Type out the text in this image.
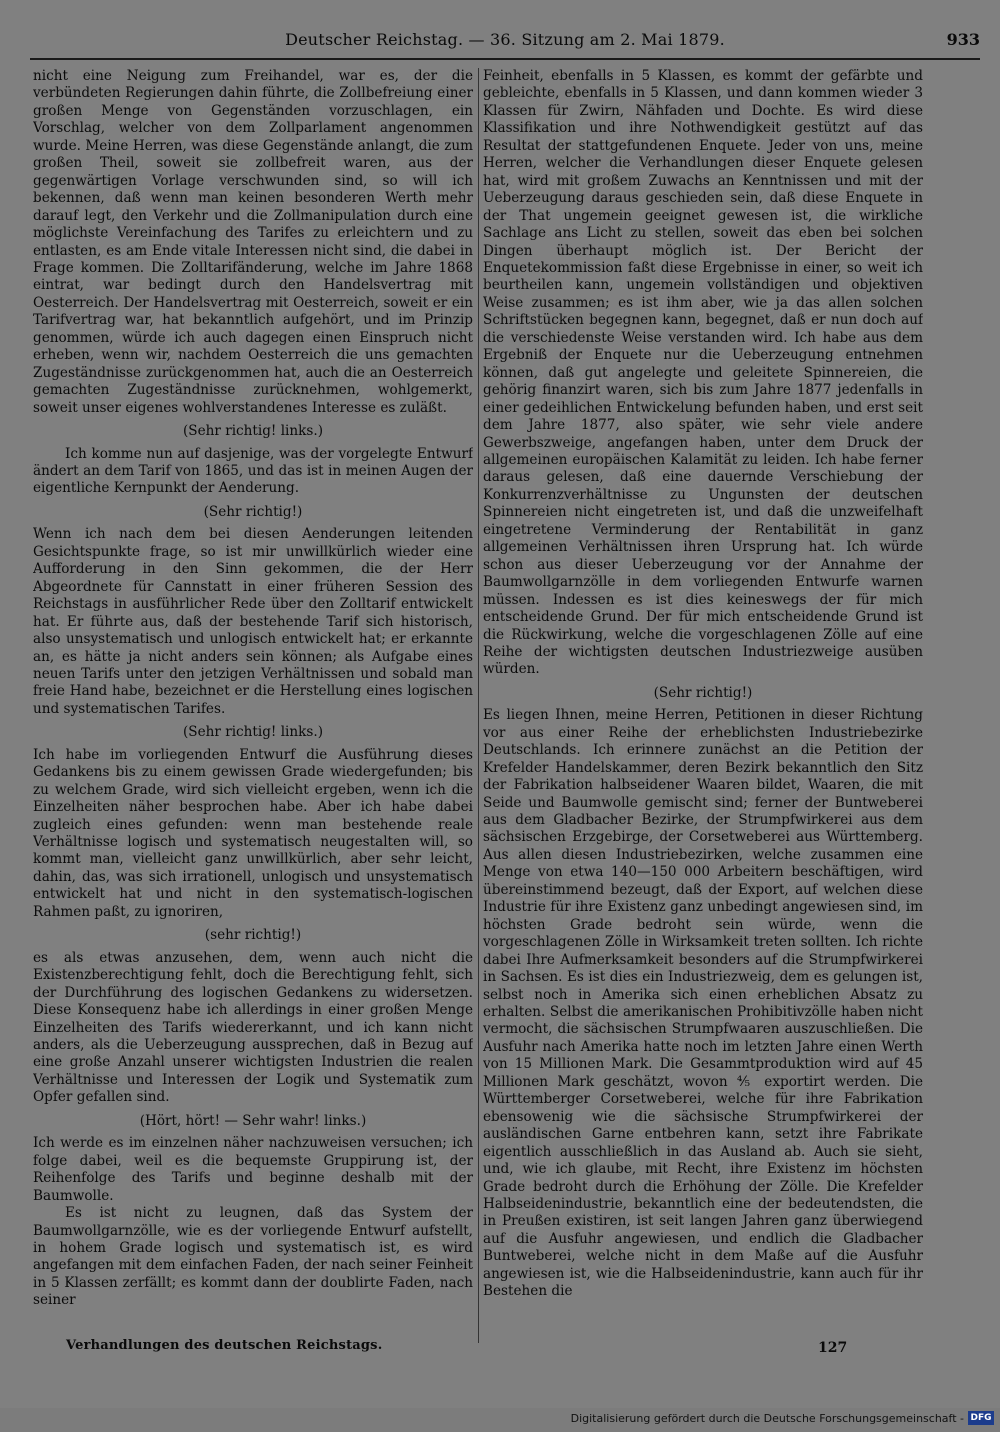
Deutscher Reichstag. — 36. Sitzung am 2. Mai 1879.	933

nicht eine Neigung zum Freihandel, war es, der die verbündeten Regierungen dahin führte, die Zollbefreiung einer großen Menge von Gegenständen vorzuschlagen, ein Vorschlag, welcher von dem Zollparlament angenommen wurde. Meine Herren, was diese Gegenstände anlangt, die zum großen Theil, soweit sie zollbefreit waren, aus der gegenwärtigen Vorlage verschwunden sind, so will ich bekennen, daß wenn man keinen besonderen Werth mehr darauf legt, den Verkehr und die Zollmanipulation durch eine möglichste Vereinfachung des Tarifes zu erleichtern und zu entlasten, es am Ende vitale Interessen nicht sind, die dabei in Frage kommen. Die Zolltarifänderung, welche im Jahre 1868 eintrat, war bedingt durch den Handelsvertrag mit Oesterreich. Der Handelsvertrag mit Oesterreich, soweit er ein Tarifvertrag war, hat bekanntlich aufgehört, und im Prinzip genommen, würde ich auch dagegen einen Einspruch nicht erheben, wenn wir, nachdem Oesterreich die uns gemachten Zugeständnisse zurückgenommen hat, auch die an Oesterreich gemachten Zugeständnisse zurücknehmen, wohlgemerkt, soweit unser eigenes wohlverstandenes Interesse es zuläßt.

(Sehr richtig! links.)

Ich komme nun auf dasjenige, was der vorgelegte Entwurf ändert an dem Tarif von 1865, und das ist in meinen Augen der eigentliche Kernpunkt der Aenderung.

(Sehr richtig!)

Wenn ich nach dem bei diesen Aenderungen leitenden Gesichtspunkte frage, so ist mir unwillkürlich wieder eine Aufforderung in den Sinn gekommen, die der Herr Abgeordnete für Cannstatt in einer früheren Session des Reichstags in ausführlicher Rede über den Zolltarif entwickelt hat. Er führte aus, daß der bestehende Tarif sich historisch, also unsystematisch und unlogisch entwickelt hat; er erkannte an, es hätte ja nicht anders sein können; als Aufgabe eines neuen Tarifs unter den jetzigen Verhältnissen und sobald man freie Hand habe, bezeichnet er die Herstellung eines logischen und systematischen Tarifes.

(Sehr richtig! links.)

Ich habe im vorliegenden Entwurf die Ausführung dieses Gedankens bis zu einem gewissen Grade wiedergefunden; bis zu welchem Grade, wird sich vielleicht ergeben, wenn ich die Einzelheiten näher besprochen habe. Aber ich habe dabei zugleich eines gefunden: wenn man bestehende reale Verhältnisse logisch und systematisch neugestalten will, so kommt man, vielleicht ganz unwillkürlich, aber sehr leicht, dahin, das, was sich irrationell, unlogisch und unsystematisch entwickelt hat und nicht in den systematisch-logischen Rahmen paßt, zu ignoriren,

(sehr richtig!)

es als etwas anzusehen, dem, wenn auch nicht die Existenzberechtigung fehlt, doch die Berechtigung fehlt, sich der Durchführung des logischen Gedankens zu widersetzen. Diese Konsequenz habe ich allerdings in einer großen Menge Einzelheiten des Tarifs wiedererkannt, und ich kann nicht anders, als die Ueberzeugung aussprechen, daß in Bezug auf eine große Anzahl unserer wichtigsten Industrien die realen Verhältnisse und Interessen der Logik und Systematik zum Opfer gefallen sind.

(Hört, hört! — Sehr wahr! links.)

Ich werde es im einzelnen näher nachzuweisen versuchen; ich folge dabei, weil es die bequemste Gruppirung ist, der Reihenfolge des Tarifs und beginne deshalb mit der Baumwolle.

Es ist nicht zu leugnen, daß das System der Baumwollgarnzölle, wie es der vorliegende Entwurf aufstellt, in hohem Grade logisch und systematisch ist, es wird angefangen mit dem einfachen Faden, der nach seiner Feinheit in 5 Klassen zerfällt; es kommt dann der doublirte Faden, nach seiner

Feinheit, ebenfalls in 5 Klassen, es kommt der gefärbte und gebleichte, ebenfalls in 5 Klassen, und dann kommen wieder 3 Klassen für Zwirn, Nähfaden und Dochte. Es wird diese Klassifikation und ihre Nothwendigkeit gestützt auf das Resultat der stattgefundenen Enquete. Jeder von uns, meine Herren, welcher die Verhandlungen dieser Enquete gelesen hat, wird mit großem Zuwachs an Kenntnissen und mit der Ueberzeugung daraus geschieden sein, daß diese Enquete in der That ungemein geeignet gewesen ist, die wirkliche Sachlage ans Licht zu stellen, soweit das eben bei solchen Dingen überhaupt möglich ist. Der Bericht der Enquetekommission faßt diese Ergebnisse in einer, so weit ich beurtheilen kann, ungemein vollständigen und objektiven Weise zusammen; es ist ihm aber, wie ja das allen solchen Schriftstücken begegnen kann, begegnet, daß er nun doch auf die verschiedenste Weise verstanden wird. Ich habe aus dem Ergebniß der Enquete nur die Ueberzeugung entnehmen können, daß gut angelegte und geleitete Spinnereien, die gehörig finanzirt waren, sich bis zum Jahre 1877 jedenfalls in einer gedeihlichen Entwickelung befunden haben, und erst seit dem Jahre 1877, also später, wie sehr viele andere Gewerbszweige, angefangen haben, unter dem Druck der allgemeinen europäischen Kalamität zu leiden. Ich habe ferner daraus gelesen, daß eine dauernde Verschiebung der Konkurrenzverhältnisse zu Ungunsten der deutschen Spinnereien nicht eingetreten ist, und daß die unzweifelhaft eingetretene Verminderung der Rentabilität in ganz allgemeinen Verhältnissen ihren Ursprung hat. Ich würde schon aus dieser Ueberzeugung vor der Annahme der Baumwollgarnzölle in dem vorliegenden Entwurfe warnen müssen. Indessen es ist dies keineswegs der für mich entscheidende Grund. Der für mich entscheidende Grund ist die Rückwirkung, welche die vorgeschlagenen Zölle auf eine Reihe der wichtigsten deutschen Industriezweige ausüben würden.

(Sehr richtig!)

Es liegen Ihnen, meine Herren, Petitionen in dieser Richtung vor aus einer Reihe der erheblichsten Industriebezirke Deutschlands. Ich erinnere zunächst an die Petition der Krefelder Handelskammer, deren Bezirk bekanntlich den Sitz der Fabrikation halbseidener Waaren bildet, Waaren, die mit Seide und Baumwolle gemischt sind; ferner der Buntweberei aus dem Gladbacher Bezirke, der Strumpfwirkerei aus dem sächsischen Erzgebirge, der Corsetweberei aus Württemberg. Aus allen diesen Industriebezirken, welche zusammen eine Menge von etwa 140—150 000 Arbeitern beschäftigen, wird übereinstimmend bezeugt, daß der Export, auf welchen diese Industrie für ihre Existenz ganz unbedingt angewiesen sind, im höchsten Grade bedroht sein würde, wenn die vorgeschlagenen Zölle in Wirksamkeit treten sollten. Ich richte dabei Ihre Aufmerksamkeit besonders auf die Strumpfwirkerei in Sachsen. Es ist dies ein Industriezweig, dem es gelungen ist, selbst noch in Amerika sich einen erheblichen Absatz zu erhalten. Selbst die amerikanischen Prohibitivzölle haben nicht vermocht, die sächsischen Strumpfwaaren auszuschließen. Die Ausfuhr nach Amerika hatte noch im letzten Jahre einen Werth von 15 Millionen Mark. Die Gesammtproduktion wird auf 45 Millionen Mark geschätzt, wovon ⅘ exportirt werden. Die Württemberger Corsetweberei, welche für ihre Fabrikation ebensowenig wie die sächsische Strumpfwirkerei der ausländischen Garne entbehren kann, setzt ihre Fabrikate eigentlich ausschließlich in das Ausland ab. Auch sie sieht, und, wie ich glaube, mit Recht, ihre Existenz im höchsten Grade bedroht durch die Erhöhung der Zölle. Die Krefelder Halbseidenindustrie, bekanntlich eine der bedeutendsten, die in Preußen existiren, ist seit langen Jahren ganz überwiegend auf die Ausfuhr angewiesen, und endlich die Gladbacher Buntweberei, welche nicht in dem Maße auf die Ausfuhr angewiesen ist, wie die Halbseidenindustrie, kann auch für ihr Bestehen die

Verhandlungen des deutschen Reichstags.	127
Digitalisierung gefördert durch die Deutsche Forschungsgemeinschaft - DFG
